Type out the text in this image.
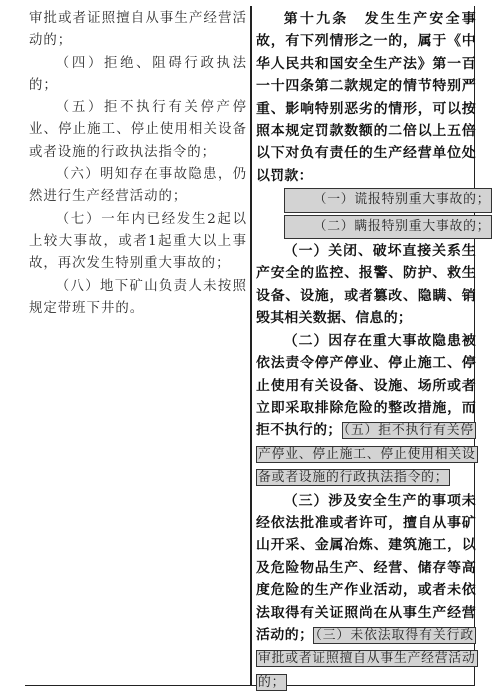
审批或者证照擅自从事生产经营活动的；

（四）拒绝、阻碍行政执法的；

（五）拒不执行有关停产停业、停止施工、停止使用相关设备或者设施的行政执法指令的；

（六）明知存在事故隐患，仍然进行生产经营活动的；

（七）一年内已经发生2起以上较大事故，或者1起重大以上事故，再次发生特别重大事故的；

（八）地下矿山负责人未按照规定带班下井的。

第十九条　发生生产安全事故，有下列情形之一的，属于《中华人民共和国安全生产法》第一百一十四条第二款规定的情节特别严重、影响特别恶劣的情形，可以按照本规定罚款数额的二倍以上五倍以下对负有责任的生产经营单位处以罚款：

（一）谎报特别重大事故的；

（二）瞒报特别重大事故的；

（一）关闭、破坏直接关系生产安全的监控、报警、防护、救生设备、设施，或者篡改、隐瞒、销毁其相关数据、信息的；

（二）因存在重大事故隐患被依法责令停产停业、停止施工、停止使用有关设备、设施、场所或者立即采取排除危险的整改措施，而拒不执行的； （五）拒不执行有关停产停业、停止施工、停止使用相关设备或者设施的行政执法指令的；

（三）涉及安全生产的事项未经依法批准或者许可，擅自从事矿山开采、金属冶炼、建筑施工，以及危险物品生产、经营、储存等高度危险的生产作业活动，或者未依法取得有关证照尚在从事生产经营活动的； （三）未依法取得有关行政审批或者证照擅自从事生产经营活动的；
